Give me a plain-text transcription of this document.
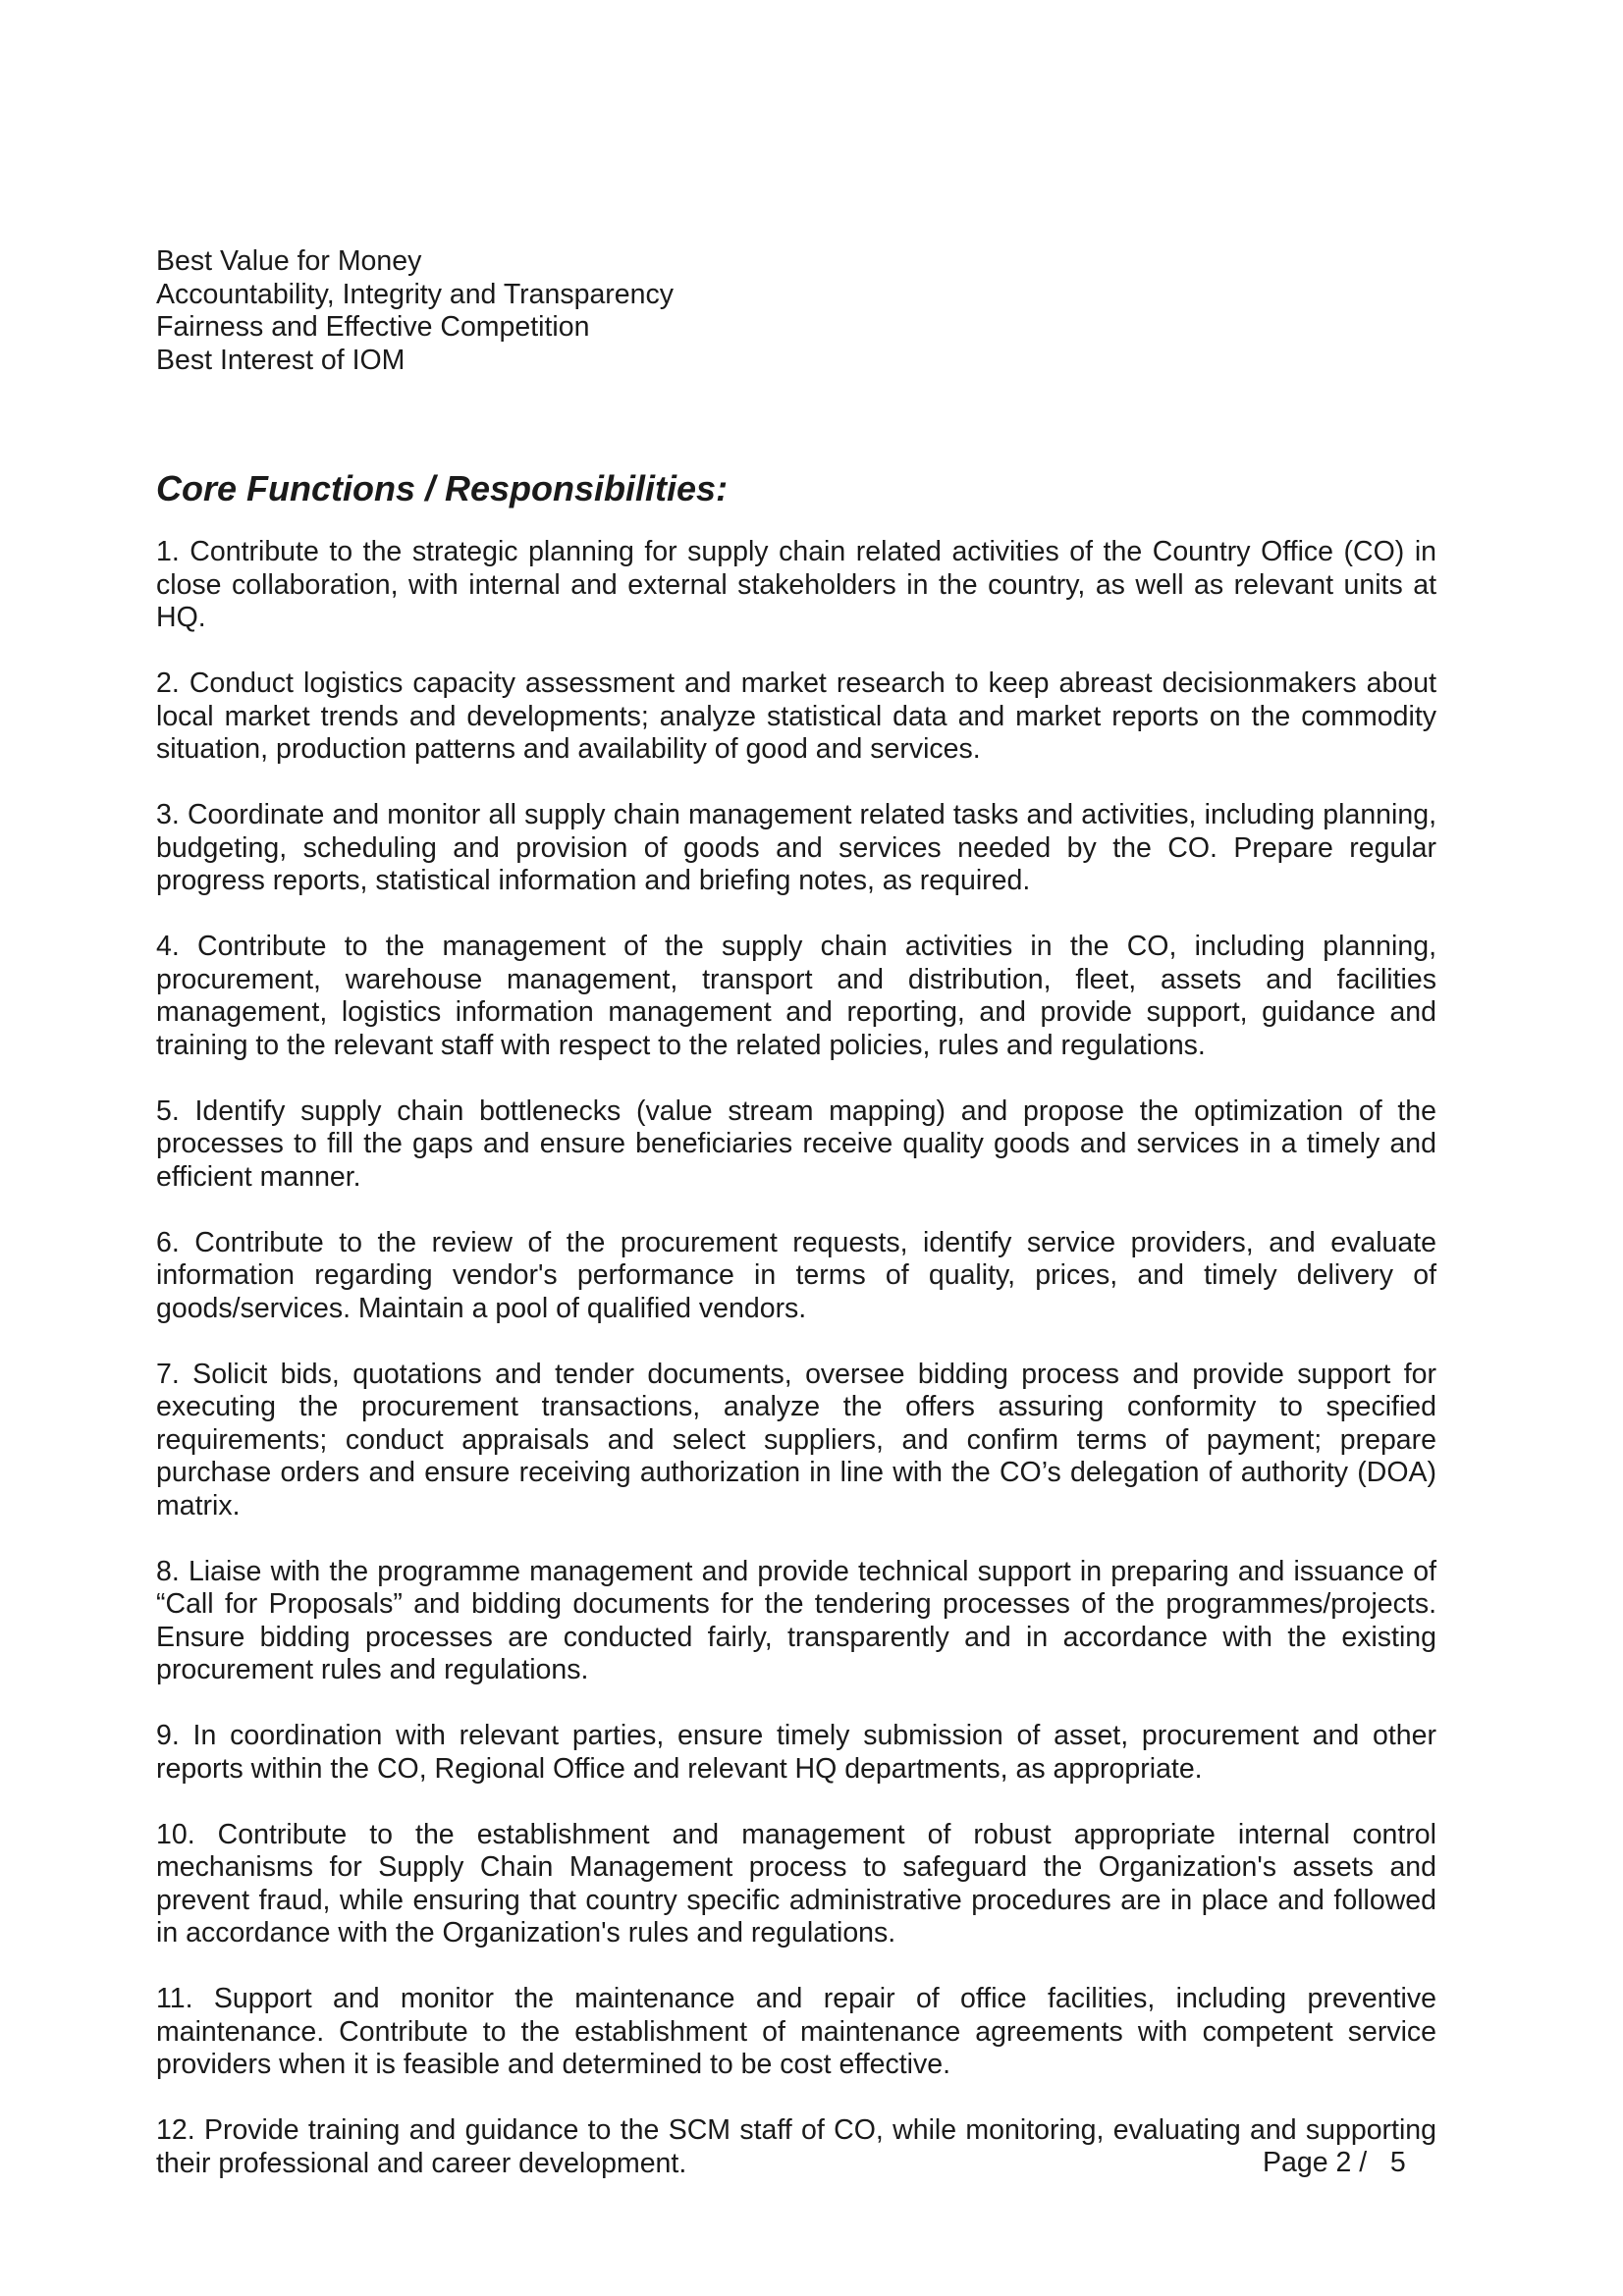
Best Value for Money
Accountability, Integrity and Transparency
Fairness and Effective Competition
Best Interest of IOM
Core Functions / Responsibilities:

1. Contribute to the strategic planning for supply chain related activities of the Country Office (CO) in close collaboration, with internal and external stakeholders in the country, as well as relevant units at HQ.

2. Conduct logistics capacity assessment and market research to keep abreast decisionmakers about local market trends and developments; analyze statistical data and market reports on the commodity situation, production patterns and availability of good and services.

3. Coordinate and monitor all supply chain management related tasks and activities, including planning, budgeting, scheduling and provision of goods and services needed by the CO. Prepare regular progress reports, statistical information and briefing notes, as required.

4. Contribute to the management of the supply chain activities in the CO, including planning, procurement, warehouse management, transport and distribution, fleet, assets and facilities management, logistics information management and reporting, and provide support, guidance and training to the relevant staff with respect to the related policies, rules and regulations.

5. Identify supply chain bottlenecks (value stream mapping) and propose the optimization of the processes to fill the gaps and ensure beneficiaries receive quality goods and services in a timely and efficient manner.

6. Contribute to the review of the procurement requests, identify service providers, and evaluate information regarding vendor's performance in terms of quality, prices, and timely delivery of goods/services. Maintain a pool of qualified vendors.

7. Solicit bids, quotations and tender documents, oversee bidding process and provide support for executing the procurement transactions, analyze the offers assuring conformity to specified requirements; conduct appraisals and select suppliers, and confirm terms of payment; prepare purchase orders and ensure receiving authorization in line with the CO’s delegation of authority (DOA) matrix.

8. Liaise with the programme management and provide technical support in preparing and issuance of “Call for Proposals” and bidding documents for the tendering processes of the programmes/projects. Ensure bidding processes are conducted fairly, transparently and in accordance with the existing procurement rules and regulations.

9. In coordination with relevant parties, ensure timely submission of asset, procurement and other reports within the CO, Regional Office and relevant HQ departments, as appropriate.

10. Contribute to the establishment and management of robust appropriate internal control mechanisms for Supply Chain Management process to safeguard the Organization's assets and prevent fraud, while ensuring that country specific administrative procedures are in place and followed in accordance with the Organization's rules and regulations.

11. Support and monitor the maintenance and repair of office facilities, including preventive maintenance. Contribute to the establishment of maintenance agreements with competent service providers when it is feasible and determined to be cost effective.

12. Provide training and guidance to the SCM staff of CO, while monitoring, evaluating and supporting their professional and career development.	Page 2 /   5
